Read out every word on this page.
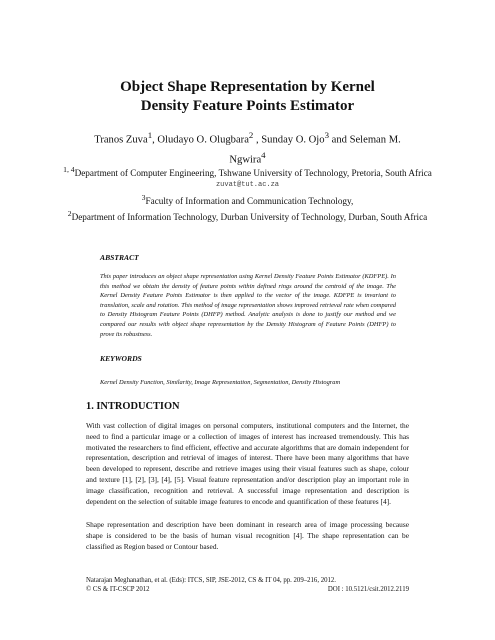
Object Shape Representation by Kernel
Density Feature Points Estimator
Tranos Zuva$^1$, Oludayo O. Olugbara$^2$ , Sunday O. Ojo$^3$ and Seleman M. Ngwira$^4$
$^{1, 4}$Department of Computer Engineering, Tshwane University of Technology, Pretoria, South Africa
zuvat@tut.ac.za
$^3$Faculty of Information and Communication Technology,
$^2$Department of Information Technology, Durban University of Technology, Durban, South Africa
ABSTRACT
This paper introduces an object shape representation using Kernel Density Feature Points Estimator (KDFPE). In this method we obtain the density of feature points within defined rings around the centroid of the image. The Kernel Density Feature Points Estimator is then applied to the vector of the image. KDFPE is invariant to translation, scale and rotation. This method of image representation shows improved retrieval rate when compared to Density Histogram Feature Points (DHFP) method. Analytic analysis is done to justify our method and we compared our results with object shape representation by the Density Histogram of Feature Points (DHFP) to prove its robustness.
KEYWORDS
Kernel Density Function, Similarity, Image Representation, Segmentation, Density Histogram
1. INTRODUCTION
With vast collection of digital images on personal computers, institutional computers and the Internet, the need to find a particular image or a collection of images of interest has increased tremendously. This has motivated the researchers to find efficient, effective and accurate algorithms that are domain independent for representation, description and retrieval of images of interest. There have been many algorithms that have been developed to represent, describe and retrieve images using their visual features such as shape, colour and texture [1], [2], [3], [4], [5]. Visual feature representation and/or description play an important role in image classification, recognition and retrieval. A successful image representation and description is dependent on the selection of suitable image features to encode and quantification of these features [4].
Shape representation and description have been dominant in research area of image processing because shape is considered to be the basis of human visual recognition [4]. The shape representation can be classified as Region based or Contour based.
Natarajan Meghanathan, et al. (Eds): ITCS, SIP, JSE-2012, CS & IT 04, pp. 209–216, 2012.
© CS & IT-CSCP 2012	DOI : 10.5121/csit.2012.2119
